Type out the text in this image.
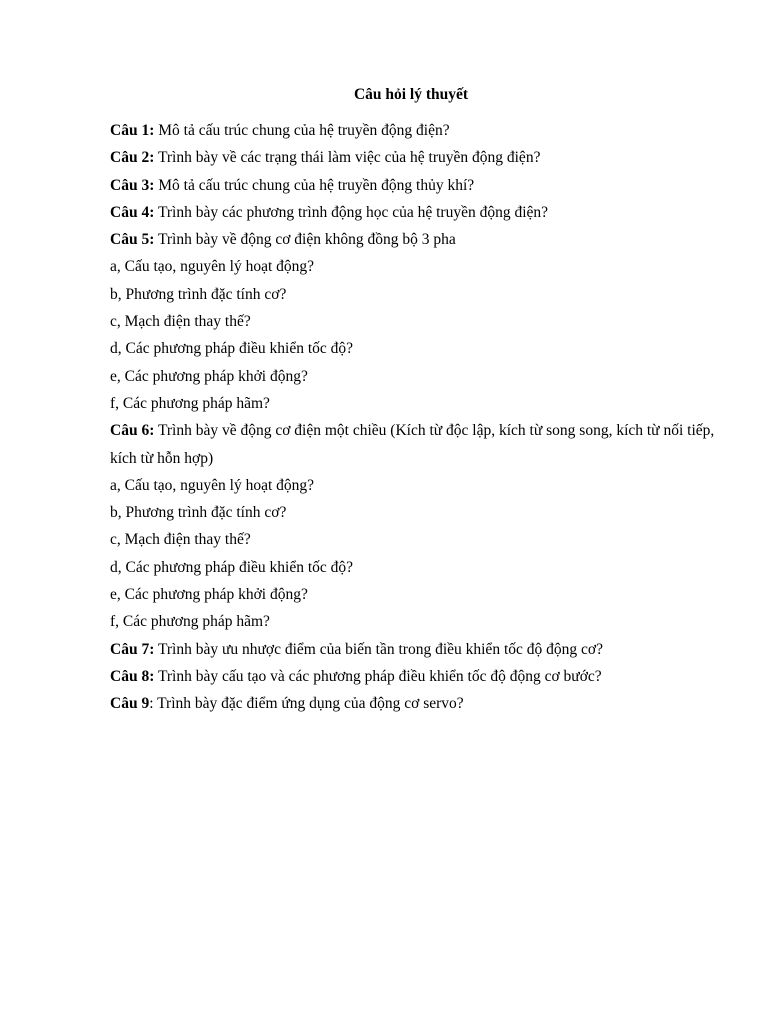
Câu hỏi lý thuyết
Câu 1: Mô tả cấu trúc chung của hệ truyền động điện?
Câu 2: Trình bày về các trạng thái làm việc của hệ truyền động điện?
Câu 3: Mô tả cấu trúc chung của hệ truyền động thủy khí?
Câu 4: Trình bày các phương trình động học của hệ truyền động điện?
Câu 5: Trình bày về động cơ điện không đồng bộ 3 pha
a, Cấu tạo, nguyên lý hoạt động?
b, Phương trình đặc tính cơ?
c, Mạch điện thay thế?
d, Các phương pháp điều khiển tốc độ?
e, Các phương pháp khởi động?
f, Các phương pháp hãm?
Câu 6: Trình bày về động cơ điện một chiều (Kích từ độc lập, kích từ song song, kích từ nối tiếp, kích từ hỗn hợp)
a, Cấu tạo, nguyên lý hoạt động?
b, Phương trình đặc tính cơ?
c, Mạch điện thay thế?
d, Các phương pháp điều khiển tốc độ?
e, Các phương pháp khởi động?
f, Các phương pháp hãm?
Câu 7: Trình bày ưu nhược điểm của biến tần trong điều khiển tốc độ động cơ?
Câu 8: Trình bày cấu tạo và các phương pháp điều khiển tốc độ động cơ bước?
Câu 9: Trình bày đặc điểm ứng dụng của động cơ servo?
